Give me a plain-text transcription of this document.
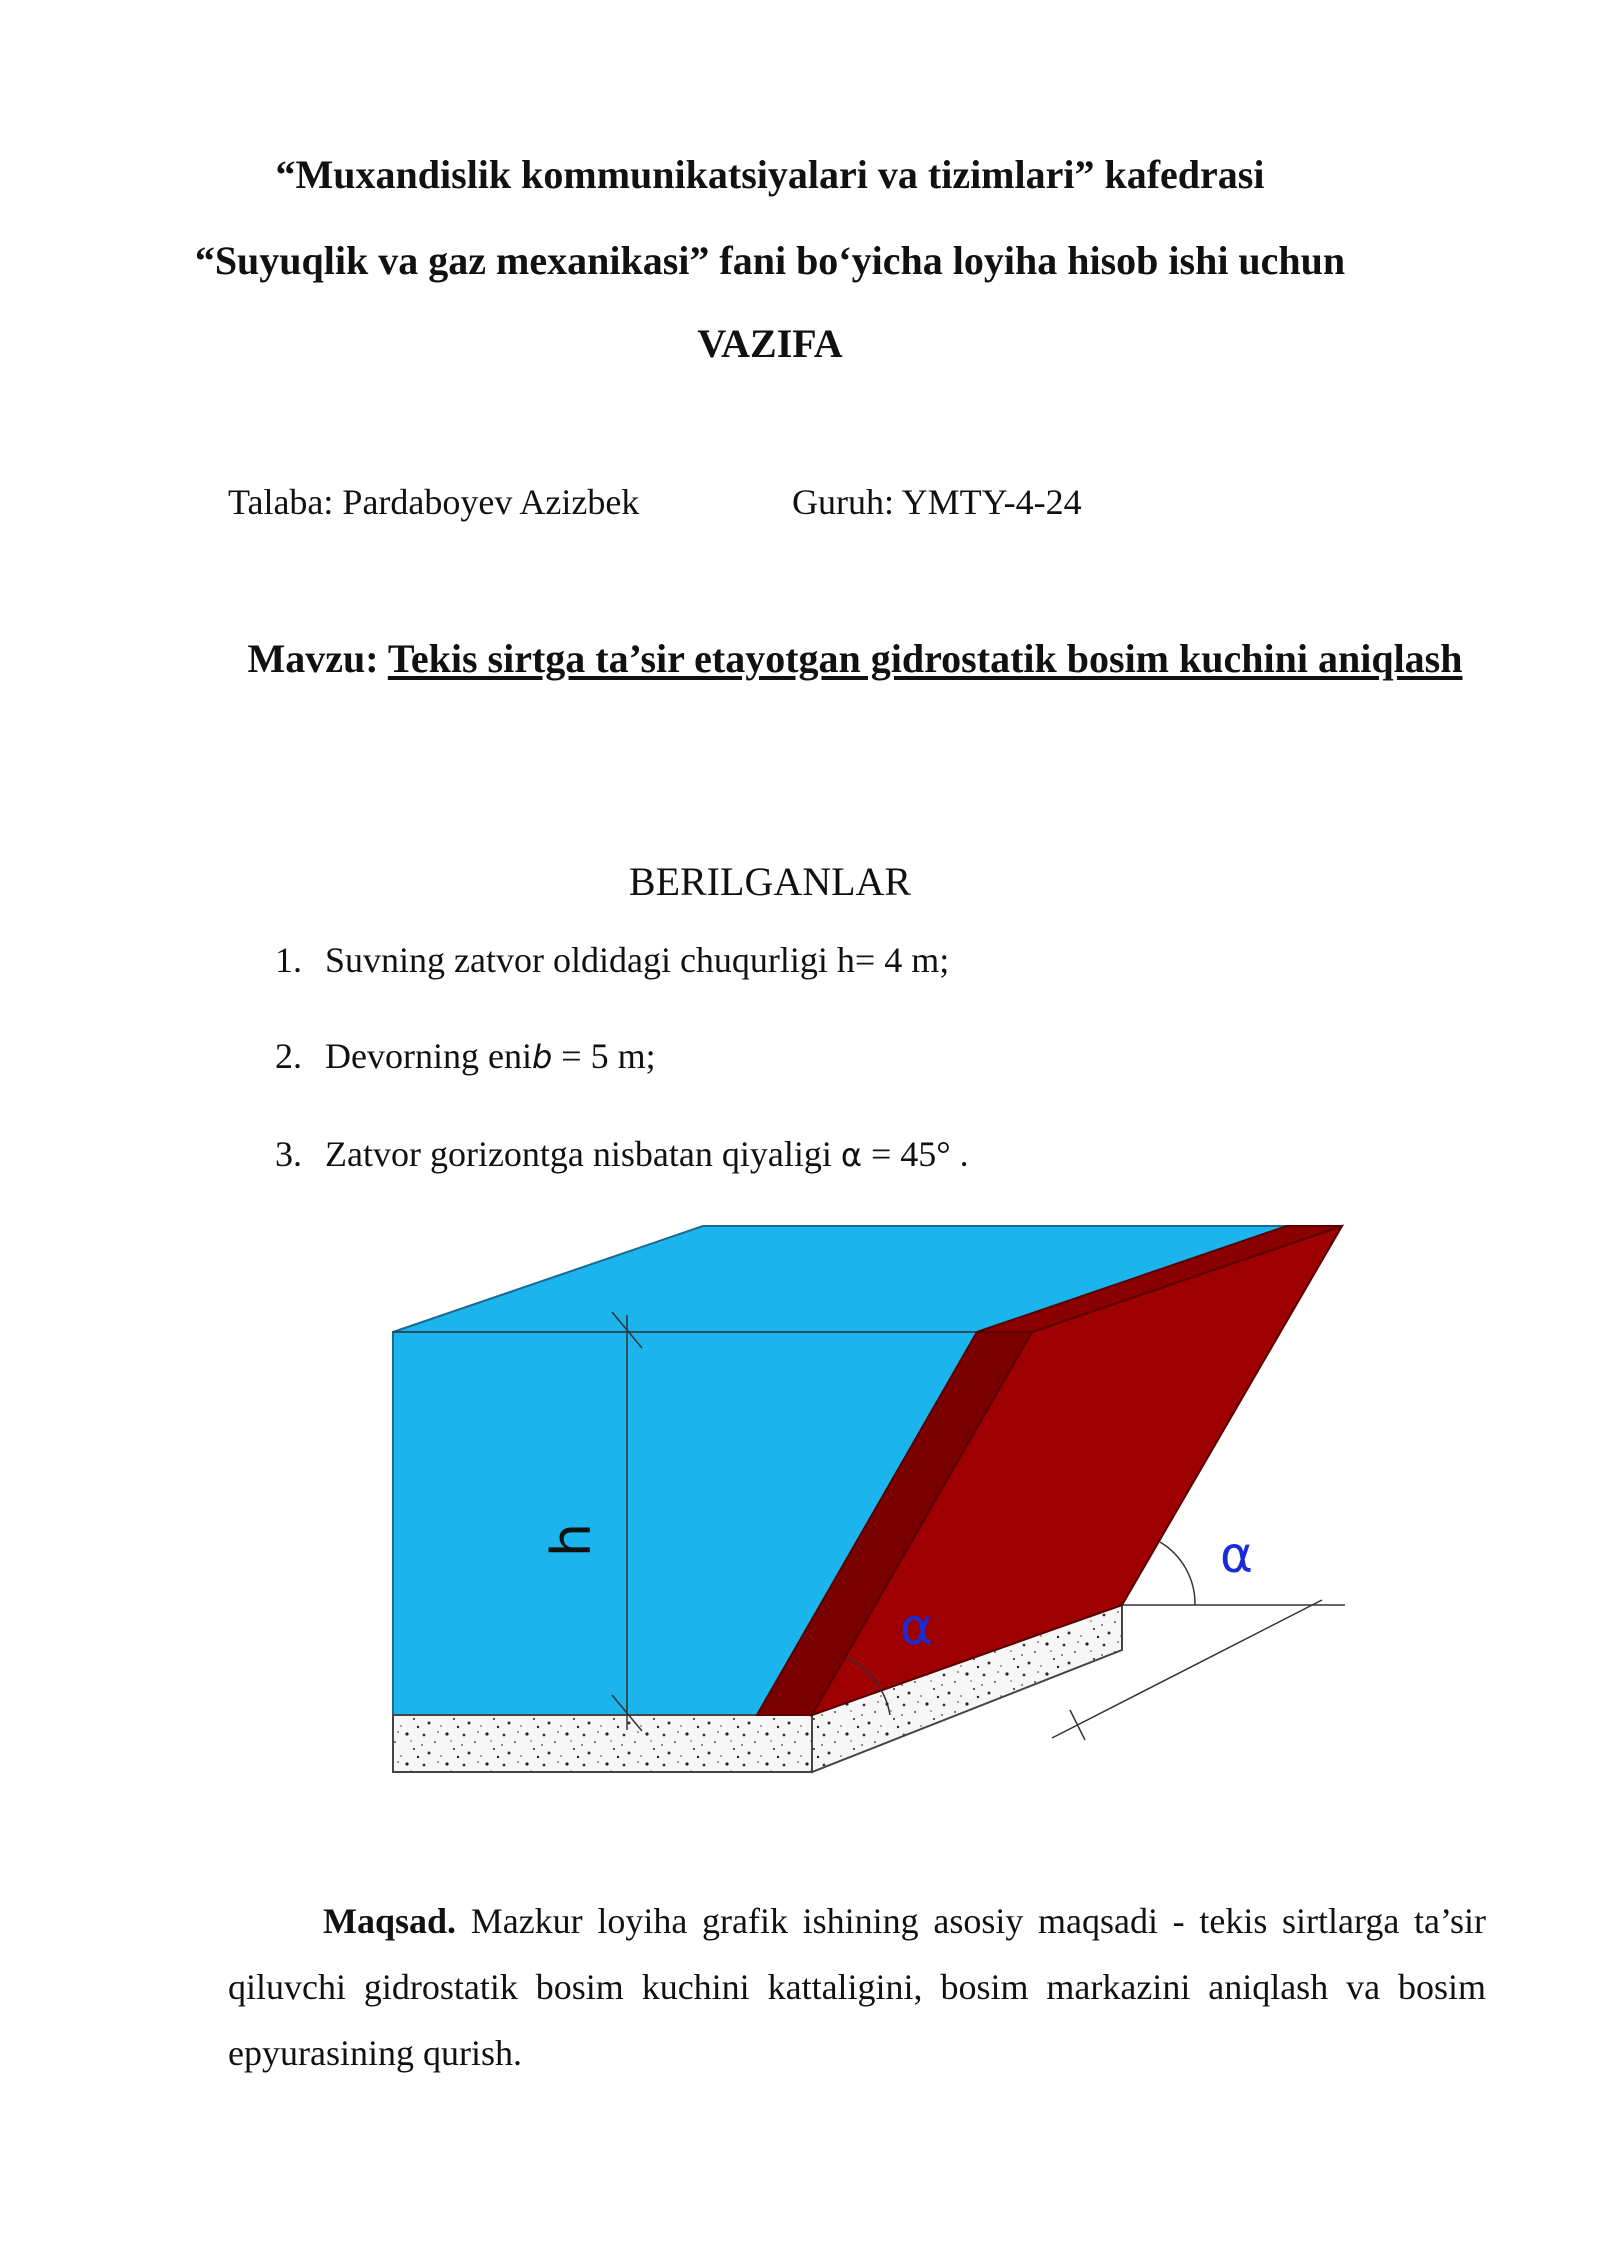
“Muxandislik kommunikatsiyalari va tizimlari” kafedrasi
“Suyuqlik va gaz mexanikasi” fani bo‘yicha loyiha hisob ishi uchun
VAZIFA
Talaba: Pardaboyev Azizbek	Guruh: YMTY-4-24
Mavzu: Tekis sirtga ta’sir etayotgan gidrostatik bosim kuchini aniqlash
BERILGANLAR
1. Suvning zatvor oldidagi chuqurligi h= 4 m;
2. Devorning enib = 5 m;
3. Zatvor gorizontga nisbatan qiyaligi α = 45° .
h	α
α
Maqsad. Mazkur loyiha grafik ishining asosiy maqsadi - tekis sirtlarga ta’sir qiluvchi gidrostatik bosim kuchini kattaligini, bosim markazini aniqlash va bosim epyurasining qurish.
